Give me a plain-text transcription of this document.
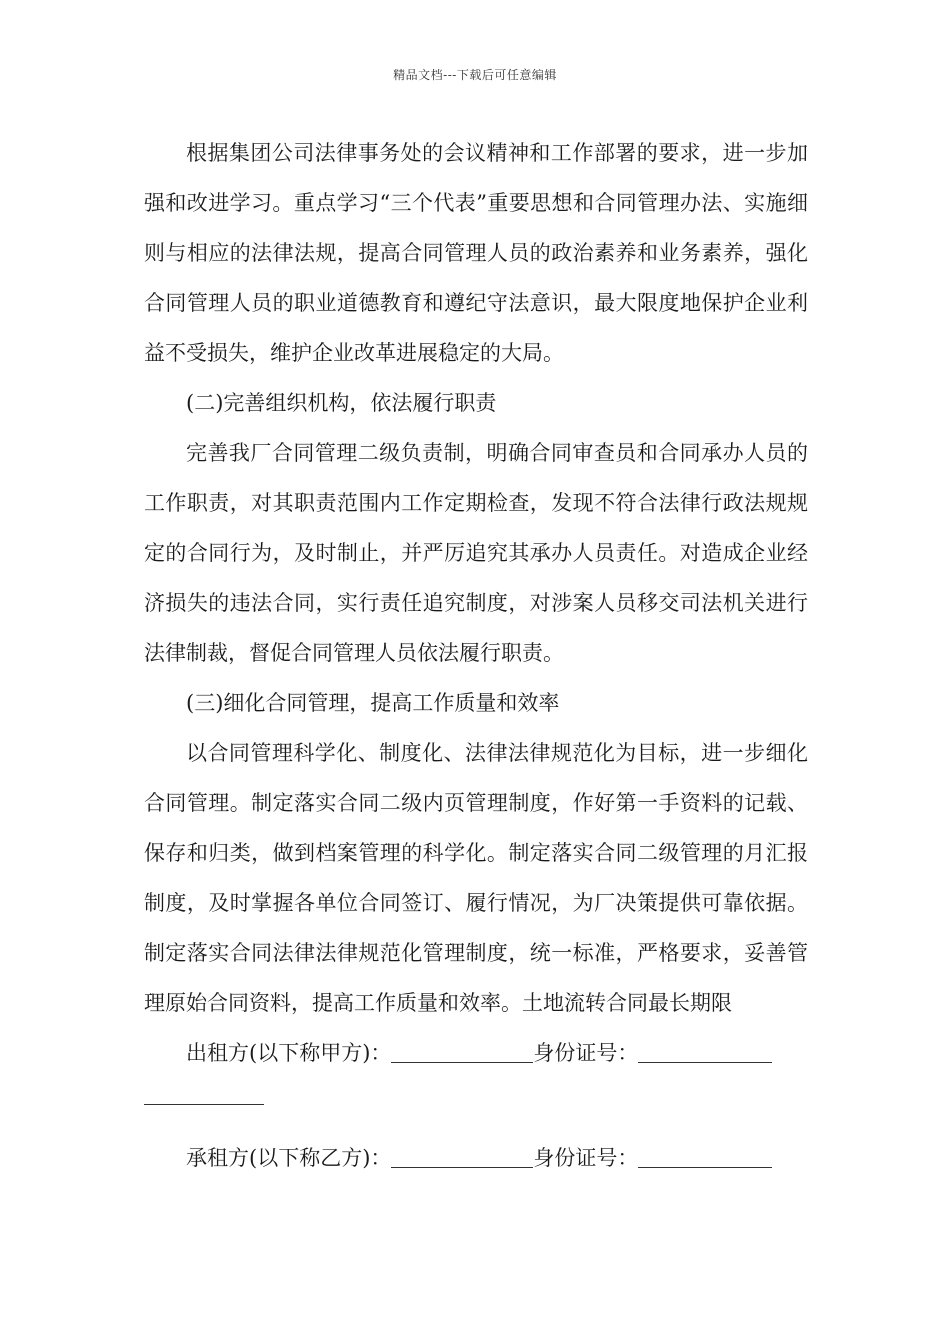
精品文档---下载后可任意编辑

根据集团公司法律事务处的会议精神和工作部署的要求，进一步加强和改进学习。重点学习“三个代表”重要思想和合同管理办法、实施细则与相应的法律法规，提高合同管理人员的政治素养和业务素养，强化合同管理人员的职业道德教育和遵纪守法意识，最大限度地保护企业利益不受损失，维护企业改革进展稳定的大局。

(二)完善组织机构，依法履行职责

完善我厂合同管理二级负责制，明确合同审查员和合同承办人员的工作职责，对其职责范围内工作定期检查，发现不符合法律行政法规规定的合同行为，及时制止，并严厉追究其承办人员责任。对造成企业经济损失的违法合同，实行责任追究制度，对涉案人员移交司法机关进行法律制裁，督促合同管理人员依法履行职责。

(三)细化合同管理，提高工作质量和效率

以合同管理科学化、制度化、法律法律规范化为目标，进一步细化合同管理。制定落实合同二级内页管理制度，作好第一手资料的记载、保存和归类，做到档案管理的科学化。制定落实合同二级管理的月汇报制度，及时掌握各单位合同签订、履行情况，为厂决策提供可靠依据。制定落实合同法律法律规范化管理制度，统一标准，严格要求，妥善管理原始合同资料，提高工作质量和效率。土地流转合同最长期限

出租方(以下称甲方)：	身份证号：
承租方(以下称乙方)：	身份证号：
